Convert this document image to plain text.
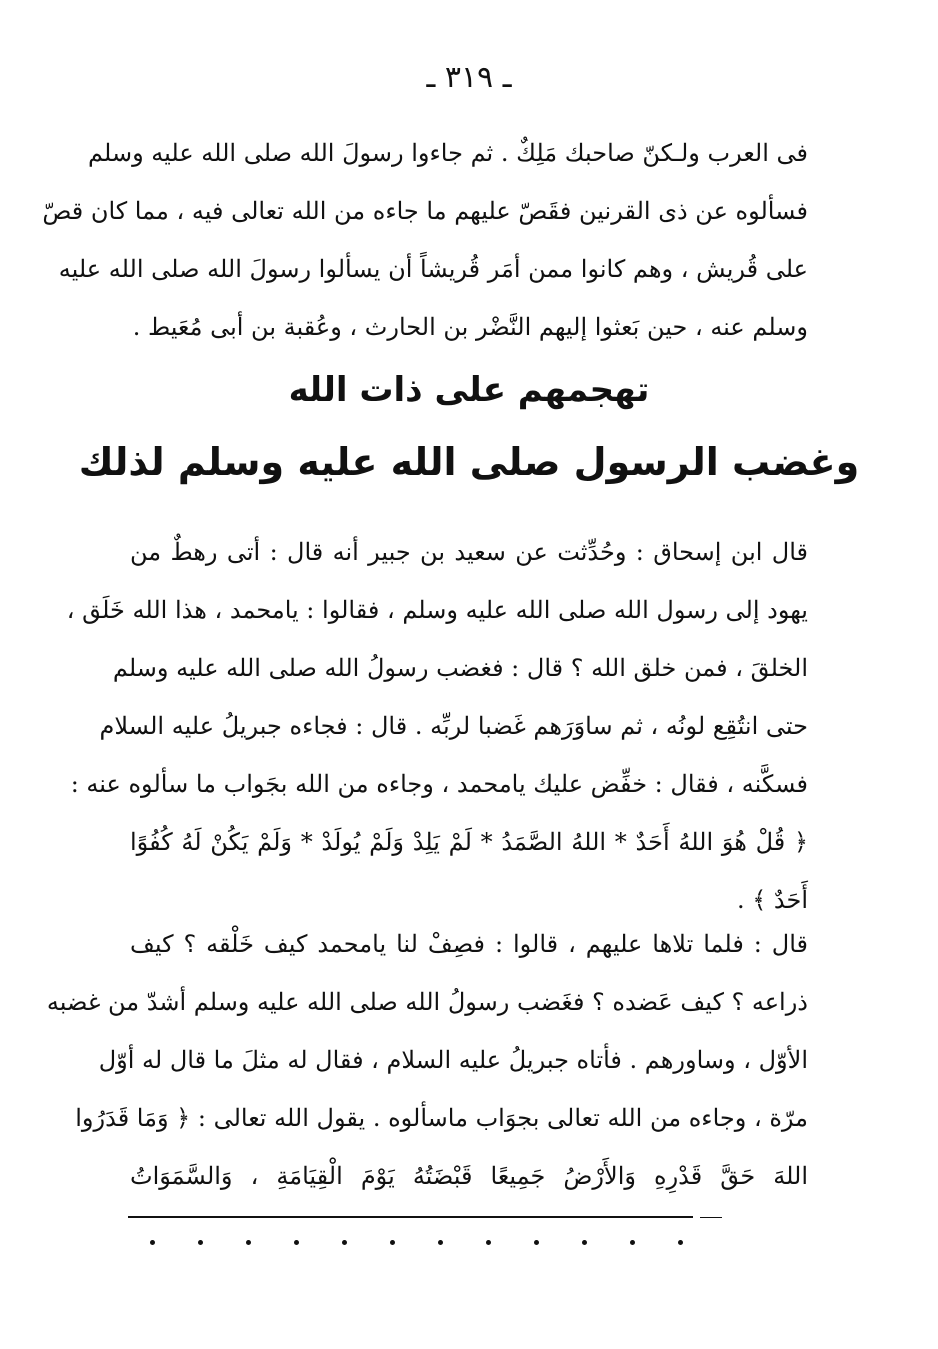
ـ ٣١٩ ـ
فى العرب ولـكنّ صاحبك مَلِكٌ . ثم جاءوا رسولَ الله صلى الله عليه وسلم
فسألوه عن ذى القرنين فقَصّ عليهم ما جاءه من الله تعالى فيه ، مما كان قصّ
على قُريش ، وهم كانوا ممن أمَر قُريشاً أن يسألوا رسولَ الله صلى الله عليه
وسلم عنه ، حين بَعثوا إليهم النَّضْر بن الحارث ، وعُقبة بن أبى مُعَيط .
تهجمهم على ذات الله
وغضب الرسول صلى الله عليه وسلم لذلك
قال ابن إسحاق : وحُدِّثت عن سعيد بن جبير أنه قال : أتى رهطٌ من
يهود إلى رسول الله صلى الله عليه وسلم ، فقالوا : يامحمد ، هذا الله خَلَق ،
الخلقَ ، فمن خلق الله ؟ قال : فغضب رسولُ الله صلى الله عليه وسلم
حتى انتُقِع لونُه ، ثم ساوَرَهم غَضبا لربِّه . قال : فجاءه جبريلُ عليه السلام
فسكَّنه ، فقال : خفِّض عليك يامحمد ، وجاءه من الله بجَواب ما سألوه عنه :
﴿ قُلْ هُوَ اللهُ أَحَدٌ * اللهُ الصَّمَدُ * لَمْ يَلِدْ وَلَمْ يُولَدْ * وَلَمْ يَكُنْ لَهُ كُفُوًا
أَحَدٌ ﴾ .
قال : فلما تلاها عليهم ، قالوا : فصِفْ لنا يامحمد كيف خَلْقه ؟ كيف
ذراعه ؟ كيف عَضده ؟ فغَضب رسولُ الله صلى الله عليه وسلم أشدّ من غضبه
الأوّل ، وساورهم . فأتاه جبريلُ عليه السلام ، فقال له مثلَ ما قال له أوّل
مرّة ، وجاءه من الله تعالى بجوَاب ماسألوه . يقول الله تعالى : ﴿ وَمَا قَدَرُوا
اللهَ حَقَّ قَدْرِهِ وَالأَرْضُ جَمِيعًا قَبْضَتُهُ يَوْمَ الْقِيَامَةِ ، وَالسَّمَوَاتُ
